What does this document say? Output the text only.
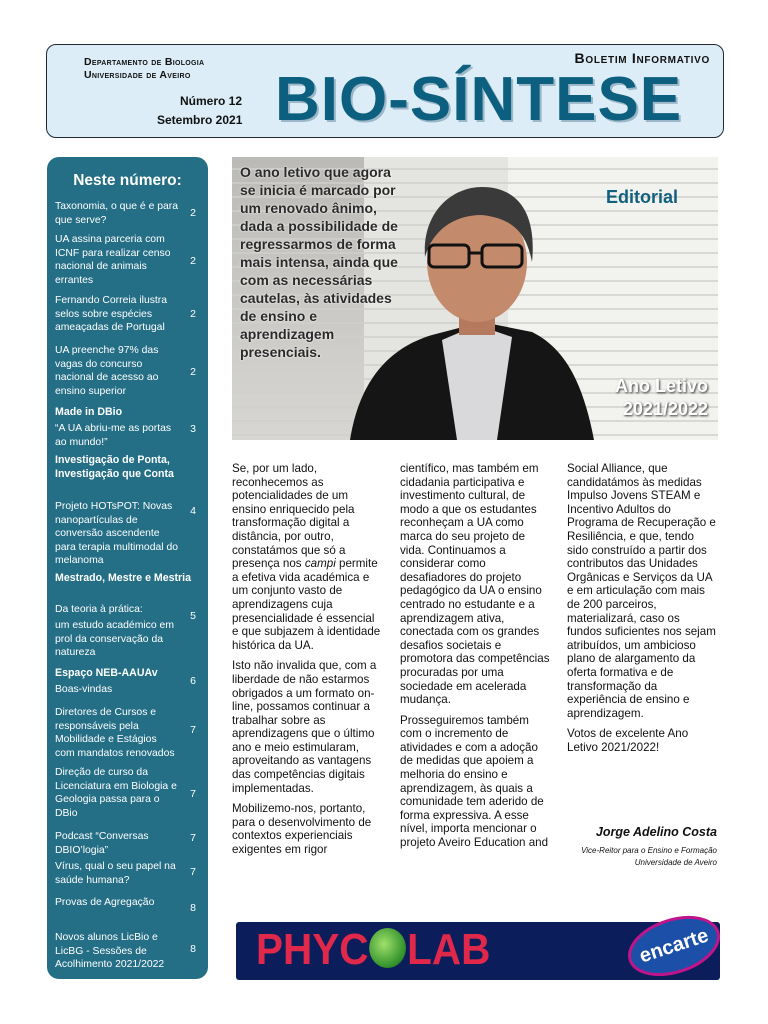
Departamento de Biologia
Universidade de Aveiro
Número 12
Setembro 2021
Boletim Informativo
BIO-SÍNTESE
Neste número:
2
Taxonomia, o que é e para que serve?
2
UA assina parceria com ICNF para realizar censo nacional de animais errantes
2
Fernando Correia ilustra selos sobre espécies ameaçadas de Portugal
2
UA preenche 97% das vagas do concurso nacional de acesso ao ensino superior
Made in DBio
3
“A UA abriu-me as portas ao mundo!”
Investigação de Ponta, Investigação que Conta
4
Projeto HOTsPOT: Novas nanopartículas de conversão ascendente para terapia multimodal do melanoma
Mestrado, Mestre e Mestria
Da teoria à prática:
5
um estudo académico em prol da conservação da natureza
Espaço NEB-AAUAv
6
Boas-vindas
7
Diretores de Cursos e responsáveis pela Mobilidade e Estágios com mandatos renovados
7
Direção de curso da Licenciatura em Biologia e Geologia passa para o DBio
7
Podcast “Conversas DBIO’logia”
7
Vírus, qual o seu papel na saúde humana?
8
Provas de Agregação
8
Novos alunos LicBio e LicBG - Sessões de Acolhimento 2021/2022
O ano letivo que agora se inicia é marcado por um renovado ânimo, dada a possibilidade de regressarmos de forma mais intensa, ainda que com as necessárias cautelas, às atividades de ensino e aprendizagem presenciais.
Editorial
Ano Letivo
2021/2022

Se, por um lado, reconhecemos as potencialidades de um ensino enriquecido pela transformação digital a distância, por outro, constatámos que só a presença nos campi permite a efetiva vida académica e um conjunto vasto de aprendizagens cuja presencialidade é essencial e que subjazem à identidade histórica da UA.

Isto não invalida que, com a liberdade de não estarmos obrigados a um formato on-line, possamos continuar a trabalhar sobre as aprendizagens que o último ano e meio estimularam, aproveitando as vantagens das competências digitais implementadas.

Mobilizemo-nos, portanto, para o desenvolvimento de contextos experienciais exigentes em rigor

científico, mas também em cidadania participativa e investimento cultural, de modo a que os estudantes reconheçam a UA como marca do seu projeto de vida. Continuamos a considerar como desafiadores do projeto pedagógico da UA o ensino centrado no estudante e a aprendizagem ativa, conectada com os grandes desafios societais e promotora das competências procuradas por uma sociedade em acelerada mudança.

Prosseguiremos também com o incremento de atividades e com a adoção de medidas que apoiem a melhoria do ensino e aprendizagem, às quais a comunidade tem aderido de forma expressiva. A esse nível, importa mencionar o projeto Aveiro Education and

Social Alliance, que candidatámos às medidas Impulso Jovens STEAM e Incentivo Adultos do Programa de Recuperação e Resiliência, e que, tendo sido construído a partir dos contributos das Unidades Orgânicas e Serviços da UA e em articulação com mais de 200 parceiros, materializará, caso os fundos suficientes nos sejam atribuídos, um ambicioso plano de alargamento da oferta formativa e de transformação da experiência de ensino e aprendizagem.

Votos de excelente Ano Letivo 2021/2022!

Jorge Adelino Costa
Vice-Reitor para o Ensino e Formação
Universidade de Aveiro
PHYC LAB	encarte
